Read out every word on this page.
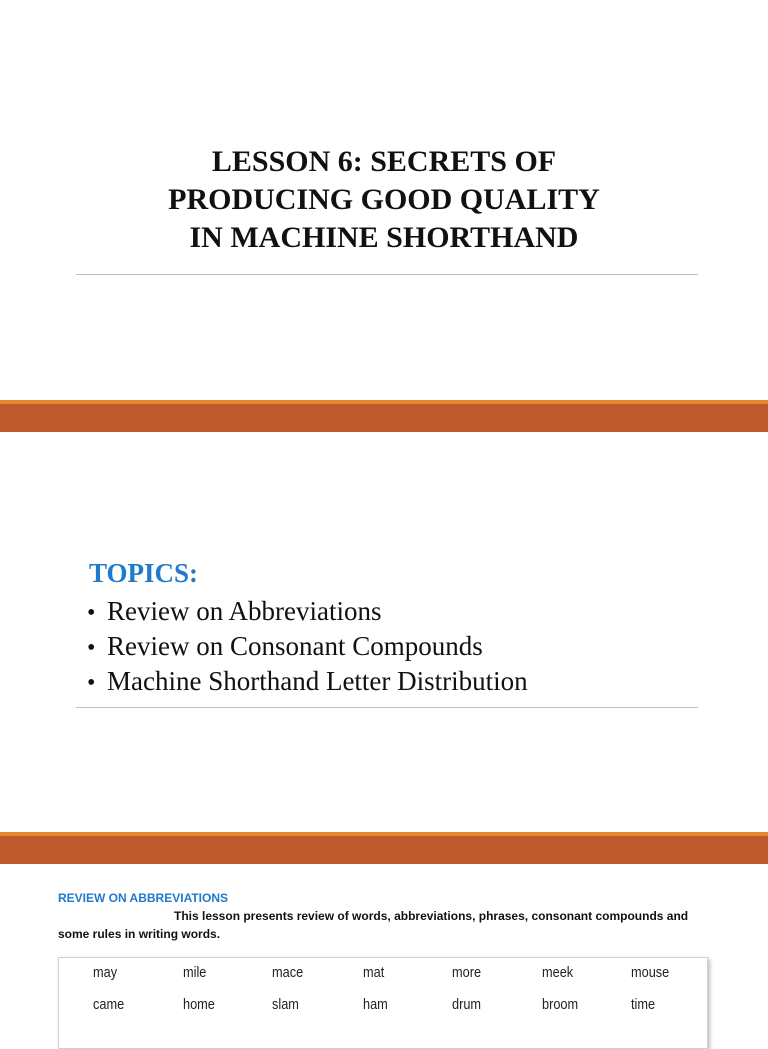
LESSON 6: SECRETS OF
PRODUCING GOOD QUALITY
IN MACHINE SHORTHAND
TOPICS:
• Review on Abbreviations
• Review on Consonant Compounds
• Machine Shorthand Letter Distribution
REVIEW ON ABBREVIATIONS
This lesson presents review of words, abbreviations, phrases, consonant compounds and some rules in writing words.
may	mile	mace	mat	more	meek	mouse
came	home	slam	ham	drum	broom	time
